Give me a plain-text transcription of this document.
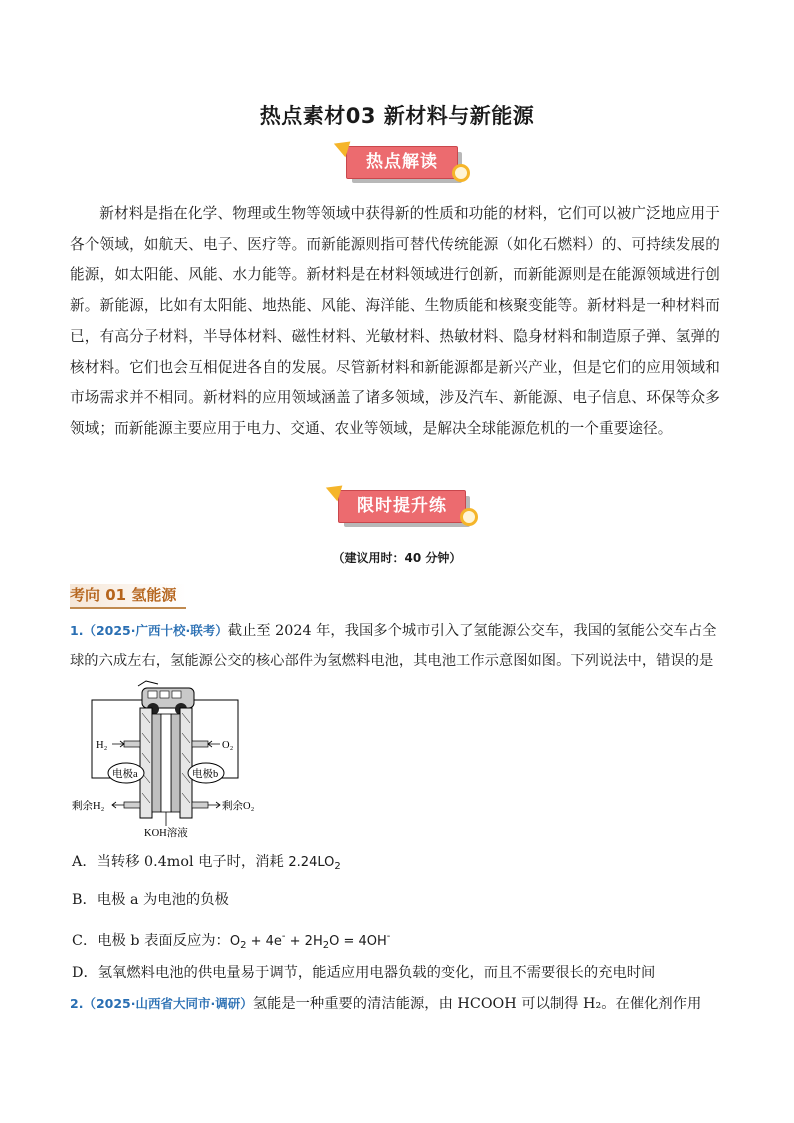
热点素材03 新材料与新能源
热点解读
新材料是指在化学、物理或生物等领域中获得新的性质和功能的材料，它们可以被广泛地应用于各个领域，如航天、电子、医疗等。而新能源则指可替代传统能源（如化石燃料）的、可持续发展的能源，如太阳能、风能、水力能等。新材料是在材料领域进行创新，而新能源则是在能源领域进行创新。新能源，比如有太阳能、地热能、风能、海洋能、生物质能和核聚变能等。新材料是一种材料而已，有高分子材料，半导体材料、磁性材料、光敏材料、热敏材料、隐身材料和制造原子弹、氢弹的核材料。它们也会互相促进各自的发展。尽管新材料和新能源都是新兴产业，但是它们的应用领域和市场需求并不相同。新材料的应用领域涵盖了诸多领域，涉及汽车、新能源、电子信息、环保等众多领域；而新能源主要应用于电力、交通、农业等领域，是解决全球能源危机的一个重要途径。
限时提升练
（建议用时：40 分钟）
考向 01 氢能源
1.（2025·广西十校·联考）截止至 2024 年，我国多个城市引入了氢能源公交车，我国的氢能公交车占全球的六成左右，氢能源公交的核心部件为氢燃料电池，其电池工作示意图如图。下列说法中，错误的是
H₂	O₂
电极a	电极b
剩余H₂	剩余O₂
KOH溶液
A．当转移 0.4mol 电子时，消耗 $2.24LO_2$
B．电极 a 为电池的负极
C．电极 b 表面反应为：$O_2 + 4e^- + 2H_2O = 4OH^-$
D．氢氧燃料电池的供电量易于调节，能适应用电器负载的变化，而且不需要很长的充电时间
2.（2025·山西省大同市·调研）氢能是一种重要的清洁能源，由 HCOOH 可以制得 H₂。在催化剂作用
